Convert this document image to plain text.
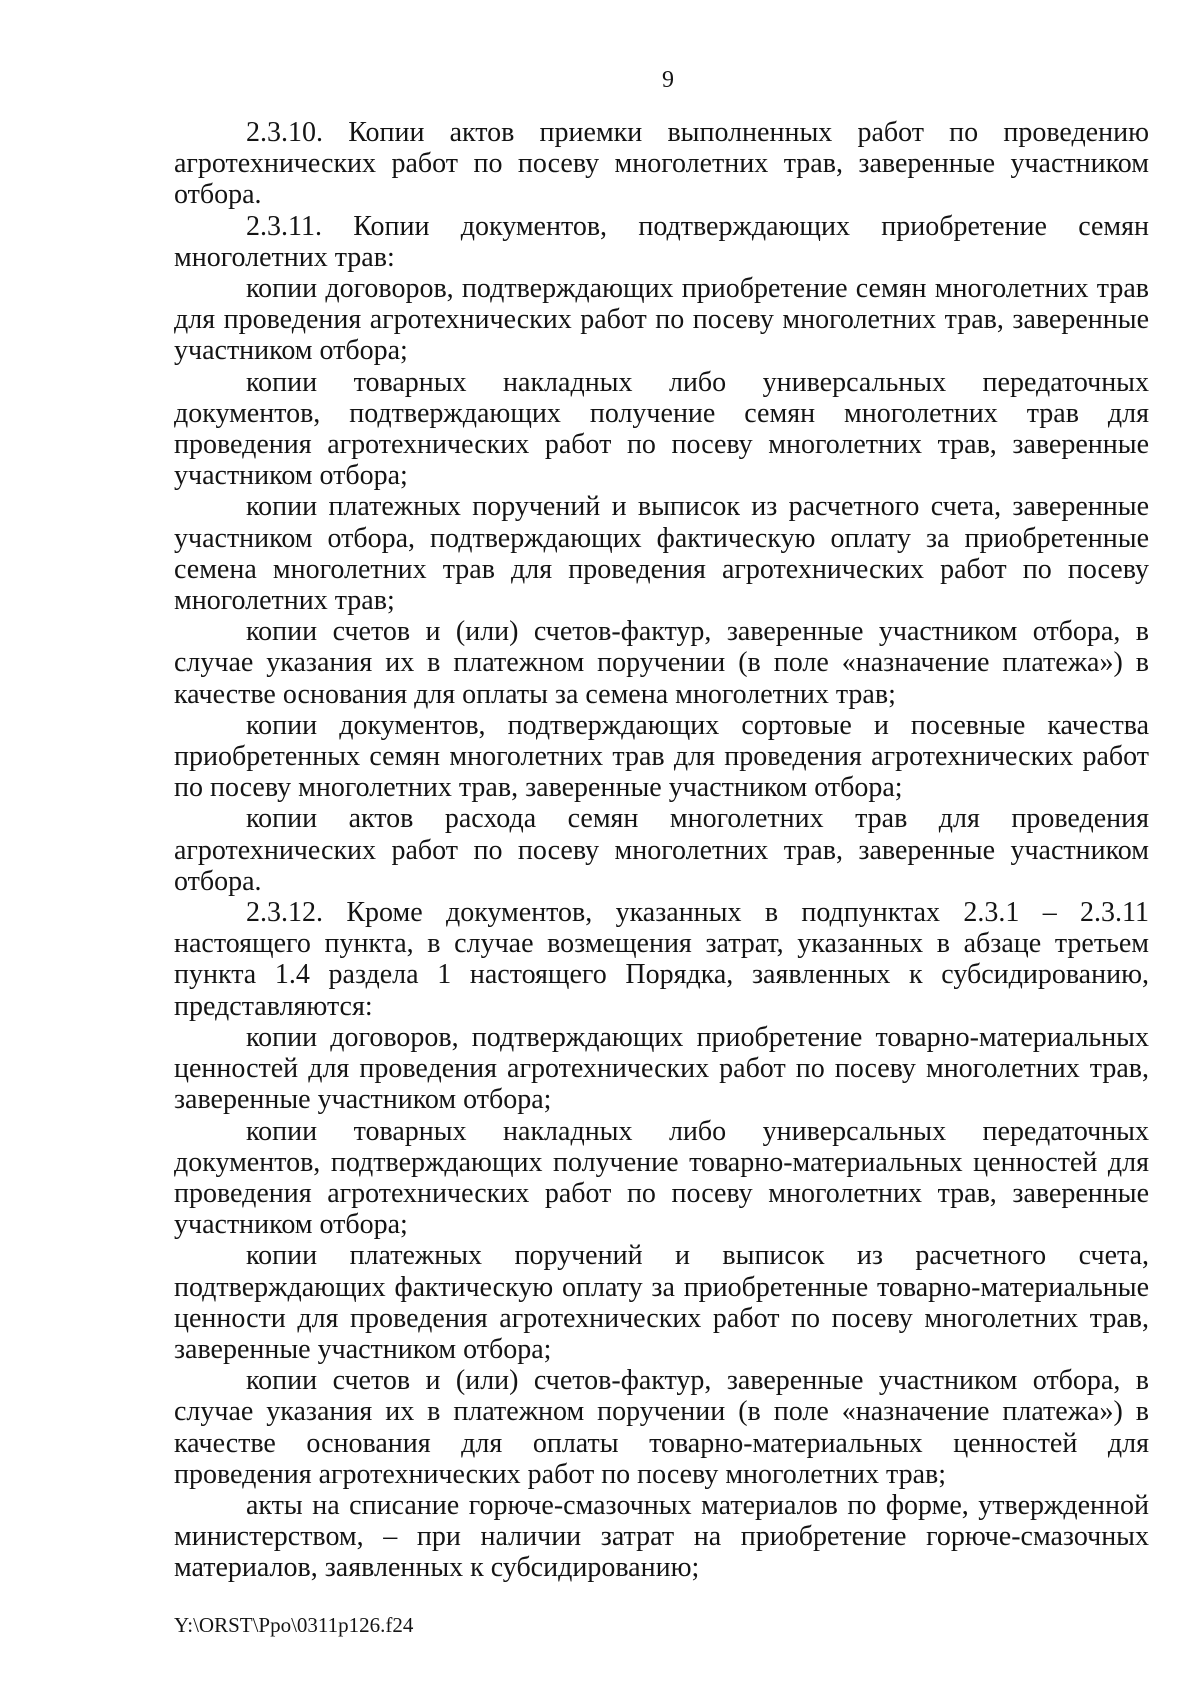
9

2.3.10. Копии актов приемки выполненных работ по проведению агротехнических работ по посеву многолетних трав, заверенные участником отбора.

2.3.11. Копии документов, подтверждающих приобретение семян многолетних трав:

копии договоров, подтверждающих приобретение семян многолетних трав для проведения агротехнических работ по посеву многолетних трав, заверенные участником отбора;

копии товарных накладных либо универсальных передаточных документов, подтверждающих получение семян многолетних трав для проведения агротехнических работ по посеву многолетних трав, заверенные участником отбора;

копии платежных поручений и выписок из расчетного счета, заверенные участником отбора, подтверждающих фактическую оплату за приобретенные семена многолетних трав для проведения агротехнических работ по посеву многолетних трав;

копии счетов и (или) счетов-фактур, заверенные участником отбора, в случае указания их в платежном поручении (в поле «назначение платежа») в качестве основания для оплаты за семена многолетних трав;

копии документов, подтверждающих сортовые и посевные качества приобретенных семян многолетних трав для проведения агротехнических работ по посеву многолетних трав, заверенные участником отбора;

копии актов расхода семян многолетних трав для проведения агротехнических работ по посеву многолетних трав, заверенные участником отбора.

2.3.12. Кроме документов, указанных в подпунктах 2.3.1 – 2.3.11 настоящего пункта, в случае возмещения затрат, указанных в абзаце третьем пункта 1.4 раздела 1 настоящего Порядка, заявленных к субсидированию, представляются:

копии договоров, подтверждающих приобретение товарно-материальных ценностей для проведения агротехнических работ по посеву многолетних трав, заверенные участником отбора;

копии товарных накладных либо универсальных передаточных документов, подтверждающих получение товарно-материальных ценностей для проведения агротехнических работ по посеву многолетних трав, заверенные участником отбора;

копии платежных поручений и выписок из расчетного счета, подтверждающих фактическую оплату за приобретенные товарно-материальные ценности для проведения агротехнических работ по посеву многолетних трав, заверенные участником отбора;

копии счетов и (или) счетов-фактур, заверенные участником отбора, в случае указания их в платежном поручении (в поле «назначение платежа») в качестве основания для оплаты товарно-материальных ценностей для проведения агротехнических работ по посеву многолетних трав;

акты на списание горюче-смазочных материалов по форме, утвержденной министерством, – при наличии затрат на приобретение горюче-смазочных материалов, заявленных к субсидированию;

Y:\ORST\Ppo\0311p126.f24
